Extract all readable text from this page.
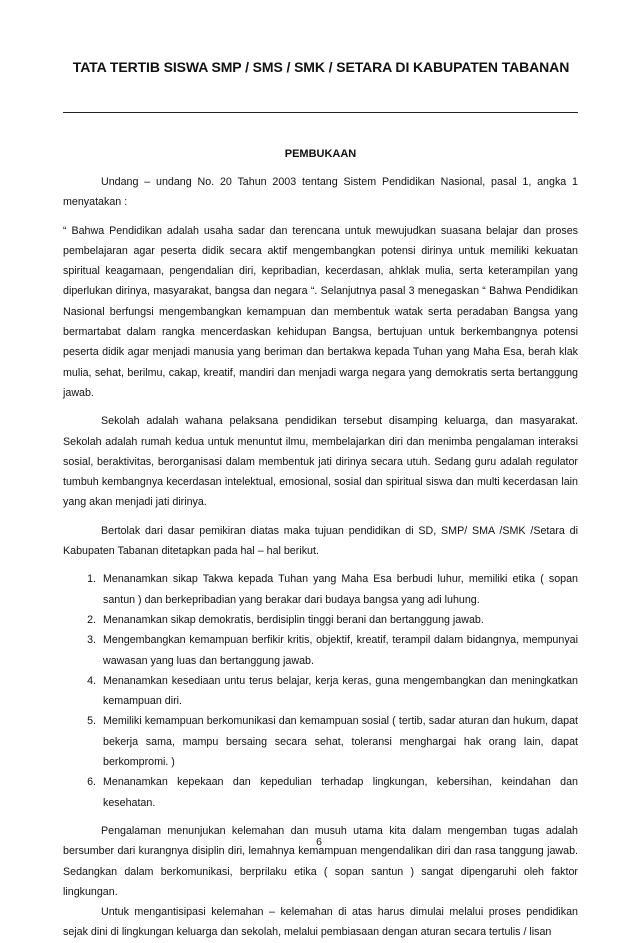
TATA TERTIB SISWA SMP / SMS / SMK / SETARA DI KABUPATEN TABANAN
PEMBUKAAN

Undang – undang No. 20 Tahun 2003 tentang Sistem Pendidikan Nasional, pasal 1, angka 1 menyatakan :

“ Bahwa Pendidikan adalah usaha sadar dan terencana untuk mewujudkan suasana belajar dan proses pembelajaran agar peserta didik secara aktif mengembangkan potensi dirinya untuk memiliki kekuatan spiritual keagamaan, pengendalian diri, kepribadian, kecerdasan, ahklak mulia, serta keterampilan yang diperlukan dirinya, masyarakat, bangsa dan negara “. Selanjutnya pasal 3 menegaskan “ Bahwa Pendidikan Nasional berfungsi mengembangkan kemampuan dan membentuk watak serta peradaban Bangsa yang bermartabat dalam rangka mencerdaskan kehidupan Bangsa, bertujuan untuk berkembangnya potensi peserta didik agar menjadi manusia yang beriman dan bertakwa kepada Tuhan yang Maha Esa, berah klak mulia, sehat, berilmu, cakap, kreatif, mandiri dan menjadi warga negara yang demokratis serta bertanggung jawab.

Sekolah adalah wahana pelaksana pendidikan tersebut disamping keluarga, dan masyarakat. Sekolah adalah rumah kedua untuk menuntut ilmu, membelajarkan diri dan menimba pengalaman interaksi sosial, beraktivitas, berorganisasi dalam membentuk jati dirinya secara utuh. Sedang guru adalah regulator tumbuh kembangnya kecerdasan intelektual, emosional, sosial dan spiritual siswa dan multi kecerdasan lain yang akan menjadi jati dirinya.

Bertolak dari dasar pemikiran diatas maka tujuan pendidikan di SD, SMP/ SMA /SMK /Setara di Kabupaten Tabanan ditetapkan pada hal – hal berikut.

1. Menanamkan sikap Takwa kepada Tuhan yang Maha Esa berbudi luhur, memiliki etika ( sopan santun ) dan berkepribadian yang berakar dari budaya bangsa yang adi luhung.
2. Menanamkan sikap demokratis, berdisiplin tinggi berani dan bertanggung jawab.
3. Mengembangkan kemampuan berfikir kritis, objektif, kreatif, terampil dalam bidangnya, mempunyai wawasan yang luas dan bertanggung jawab.
4. Menanamkan kesediaan untu terus belajar, kerja keras, guna mengembangkan dan meningkatkan kemampuan diri.
5. Memiliki kemampuan berkomunikasi dan kemampuan sosial ( tertib, sadar aturan dan hukum, dapat bekerja sama, mampu bersaing secara sehat, toleransi menghargai hak orang lain, dapat berkompromi. )
6. Menanamkan kepekaan dan kepedulian terhadap lingkungan, kebersihan, keindahan dan kesehatan.

Pengalaman menunjukan kelemahan dan musuh utama kita dalam mengemban tugas adalah bersumber dari kurangnya disiplin diri, lemahnya kemampuan mengendalikan diri dan rasa tanggung jawab. Sedangkan dalam berkomunikasi, berprilaku etika ( sopan santun ) sangat dipengaruhi oleh faktor lingkungan.

Untuk mengantisipasi kelemahan – kelemahan di atas harus dimulai melalui proses pendidikan sejak dini di lingkungan keluarga dan sekolah, melalui pembiasaan dengan aturan secara tertulis / lisan

6
